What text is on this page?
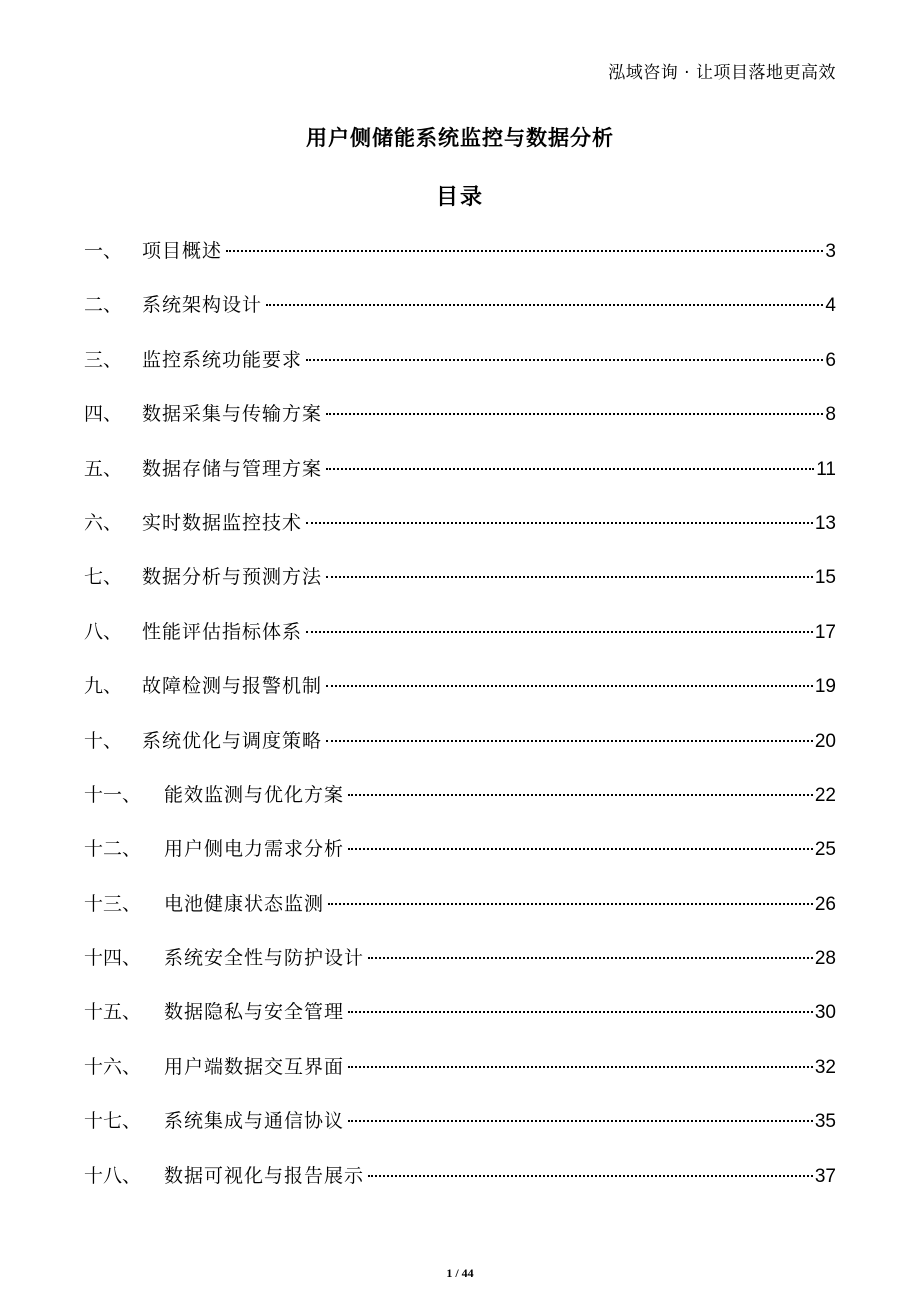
泓域咨询 · 让项目落地更高效
用户侧储能系统监控与数据分析
目录
一、	项目概述	3
二、	系统架构设计	4
三、	监控系统功能要求	6
四、	数据采集与传输方案	8
五、	数据存储与管理方案	11
六、	实时数据监控技术	13
七、	数据分析与预测方法	15
八、	性能评估指标体系	17
九、	故障检测与报警机制	19
十、	系统优化与调度策略	20
十一、	能效监测与优化方案	22
十二、	用户侧电力需求分析	25
十三、	电池健康状态监测	26
十四、	系统安全性与防护设计	28
十五、	数据隐私与安全管理	30
十六、	用户端数据交互界面	32
十七、	系统集成与通信协议	35
十八、	数据可视化与报告展示	37
1 / 44
